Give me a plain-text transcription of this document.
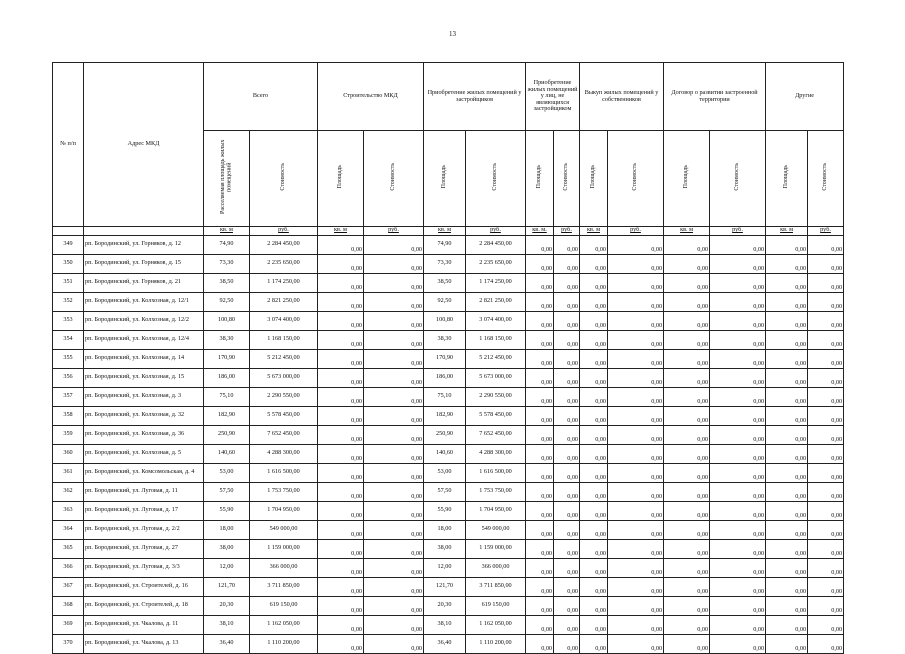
13
№ п/п	Адрес МКД	Всего		Строительство МКД		Приобретение жилых помещений у застройщиков		Приобретение жилых помещений у лиц, не являющихся застройщиком		Выкуп жилых помещений у собственников		Договор о развитии застроенной территории		Другие	
		Расселяемая площадь жилых помещений	Стоимость	Площадь	Стоимость	Площадь	Стоимость	Площадь	Стоимость	Площадь	Стоимость	Площадь	Стоимость	Площадь	Стоимость
		кв. м	руб.	кв. м	руб.	кв. м	руб.	кв. м.	руб.	кв. м	руб.	кв. м	руб.	кв. м	руб.
349	рп. Бородинский, ул. Горняков, д. 12	74,90	2 284 450,00	0,00	0,00	74,90	2 284 450,00	0,00	0,00	0,00	0,00	0,00	0,00	0,00	0,00
350	рп. Бородинский, ул. Горняков, д. 15	73,30	2 235 650,00	0,00	0,00	73,30	2 235 650,00	0,00	0,00	0,00	0,00	0,00	0,00	0,00	0,00
351	рп. Бородинский, ул. Горняков, д. 21	38,50	1 174 250,00	0,00	0,00	38,50	1 174 250,00	0,00	0,00	0,00	0,00	0,00	0,00	0,00	0,00
352	рп. Бородинский, ул. Колхозная, д. 12/1	92,50	2 821 250,00	0,00	0,00	92,50	2 821 250,00	0,00	0,00	0,00	0,00	0,00	0,00	0,00	0,00
353	рп. Бородинский, ул. Колхозная, д. 12/2	100,80	3 074 400,00	0,00	0,00	100,80	3 074 400,00	0,00	0,00	0,00	0,00	0,00	0,00	0,00	0,00
354	рп. Бородинский, ул. Колхозная, д. 12/4	38,30	1 168 150,00	0,00	0,00	38,30	1 168 150,00	0,00	0,00	0,00	0,00	0,00	0,00	0,00	0,00
355	рп. Бородинский, ул. Колхозная, д. 14	170,90	5 212 450,00	0,00	0,00	170,90	5 212 450,00	0,00	0,00	0,00	0,00	0,00	0,00	0,00	0,00
356	рп. Бородинский, ул. Колхозная, д. 15	186,00	5 673 000,00	0,00	0,00	186,00	5 673 000,00	0,00	0,00	0,00	0,00	0,00	0,00	0,00	0,00
357	рп. Бородинский, ул. Колхозная, д. 3	75,10	2 290 550,00	0,00	0,00	75,10	2 290 550,00	0,00	0,00	0,00	0,00	0,00	0,00	0,00	0,00
358	рп. Бородинский, ул. Колхозная, д. 32	182,90	5 578 450,00	0,00	0,00	182,90	5 578 450,00	0,00	0,00	0,00	0,00	0,00	0,00	0,00	0,00
359	рп. Бородинский, ул. Колхозная, д. 36	250,90	7 652 450,00	0,00	0,00	250,90	7 652 450,00	0,00	0,00	0,00	0,00	0,00	0,00	0,00	0,00
360	рп. Бородинский, ул. Колхозная, д. 5	140,60	4 288 300,00	0,00	0,00	140,60	4 288 300,00	0,00	0,00	0,00	0,00	0,00	0,00	0,00	0,00
361	рп. Бородинский, ул. Комсомольская, д. 4	53,00	1 616 500,00	0,00	0,00	53,00	1 616 500,00	0,00	0,00	0,00	0,00	0,00	0,00	0,00	0,00
362	рп. Бородинский, ул. Луговая, д. 11	57,50	1 753 750,00	0,00	0,00	57,50	1 753 750,00	0,00	0,00	0,00	0,00	0,00	0,00	0,00	0,00
363	рп. Бородинский, ул. Луговая, д. 17	55,90	1 704 950,00	0,00	0,00	55,90	1 704 950,00	0,00	0,00	0,00	0,00	0,00	0,00	0,00	0,00
364	рп. Бородинский, ул. Луговая, д. 2/2	18,00	549 000,00	0,00	0,00	18,00	549 000,00	0,00	0,00	0,00	0,00	0,00	0,00	0,00	0,00
365	рп. Бородинский, ул. Луговая, д. 27	38,00	1 159 000,00	0,00	0,00	38,00	1 159 000,00	0,00	0,00	0,00	0,00	0,00	0,00	0,00	0,00
366	рп. Бородинский, ул. Луговая, д. 3/3	12,00	366 000,00	0,00	0,00	12,00	366 000,00	0,00	0,00	0,00	0,00	0,00	0,00	0,00	0,00
367	рп. Бородинский, ул. Строителей, д. 16	121,70	3 711 850,00	0,00	0,00	121,70	3 711 850,00	0,00	0,00	0,00	0,00	0,00	0,00	0,00	0,00
368	рп. Бородинский, ул. Строителей, д. 18	20,30	619 150,00	0,00	0,00	20,30	619 150,00	0,00	0,00	0,00	0,00	0,00	0,00	0,00	0,00
369	рп. Бородинский, ул. Чкалова, д. 11	38,10	1 162 050,00	0,00	0,00	38,10	1 162 050,00	0,00	0,00	0,00	0,00	0,00	0,00	0,00	0,00
370	рп. Бородинский, ул. Чкалова, д. 13	36,40	1 110 200,00	0,00	0,00	36,40	1 110 200,00	0,00	0,00	0,00	0,00	0,00	0,00	0,00	0,00
